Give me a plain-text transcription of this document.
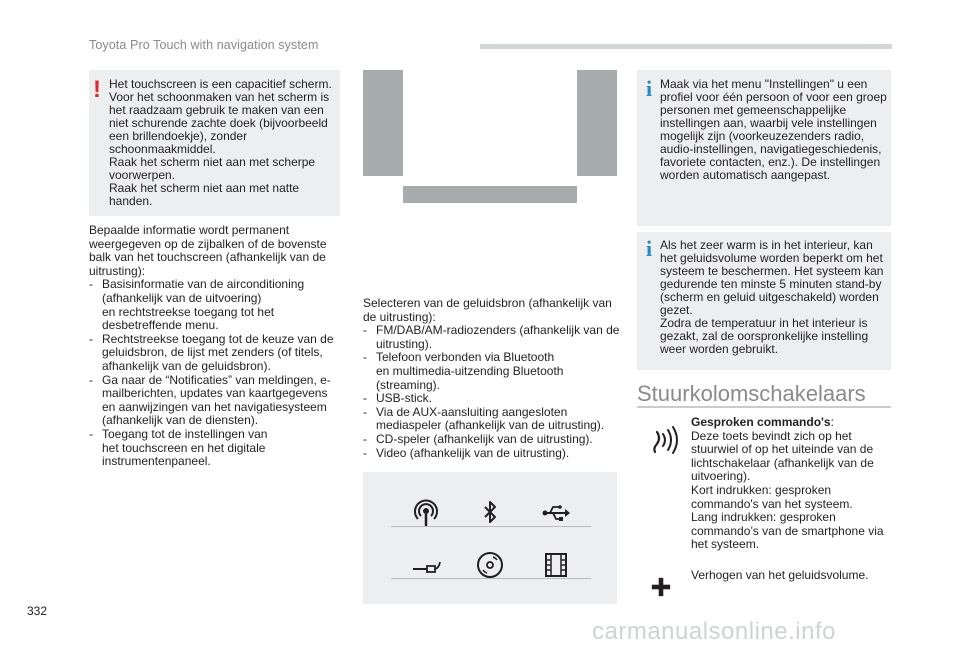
Toyota Pro Touch with navigation system
! Het touchscreen is een capacitief scherm.
Voor het schoonmaken van het scherm is het raadzaam gebruik te maken van een niet schurende zachte doek (bijvoorbeeld een brillendoekje), zonder schoonmaakmiddel.
Raak het scherm niet aan met scherpe voorwerpen.
Raak het scherm niet aan met natte handen.
Bepaalde informatie wordt permanent weergegeven op de zijbalken of de bovenste balk van het touchscreen (afhankelijk van de uitrusting):
- Basisinformatie van de airconditioning (afhankelijk van de uitvoering)
en rechtstreekse toegang tot het desbetreffende menu.
- Rechtstreekse toegang tot de keuze van de geluidsbron, de lijst met zenders (of titels, afhankelijk van de geluidsbron).
- Ga naar de “Notificaties” van meldingen, e-mailberichten, updates van kaartgegevens en aanwijzingen van het navigatiesysteem (afhankelijk van de diensten).
- Toegang tot de instellingen van
het touchscreen en het digitale instrumentenpaneel.
Selecteren van de geluidsbron (afhankelijk van de uitrusting):
- FM/DAB/AM-radiozenders (afhankelijk van de uitrusting).
- Telefoon verbonden via Bluetooth
en multimedia-uitzending Bluetooth (streaming).
- USB-stick.
- Via de AUX-aansluiting aangesloten mediaspeler (afhankelijk van de uitrusting).
- CD-speler (afhankelijk van de uitrusting).
- Video (afhankelijk van de uitrusting).
i Maak via het menu "Instellingen" u een profiel voor één persoon of voor een groep personen met gemeenschappelijke instellingen aan, waarbij vele instellingen mogelijk zijn (voorkeuzezenders radio, audio-instellingen, navigatiegeschiedenis, favoriete contacten, enz.). De instellingen worden automatisch aangepast.
i Als het zeer warm is in het interieur, kan het geluidsvolume worden beperkt om het systeem te beschermen. Het systeem kan gedurende ten minste 5 minuten stand-by (scherm en geluid uitgeschakeld) worden gezet.
Zodra de temperatuur in het interieur is gezakt, zal de oorspronkelijke instelling weer worden gebruikt.
Stuurkolomschakelaars
Gesproken commando's:
Deze toets bevindt zich op het stuurwiel of op het uiteinde van de lichtschakelaar (afhankelijk van de uitvoering).
Kort indrukken: gesproken commando's van het systeem.
Lang indrukken: gesproken commando’s van de smartphone via het systeem.
Verhogen van het geluidsvolume.
332
carmanualsonline.info
